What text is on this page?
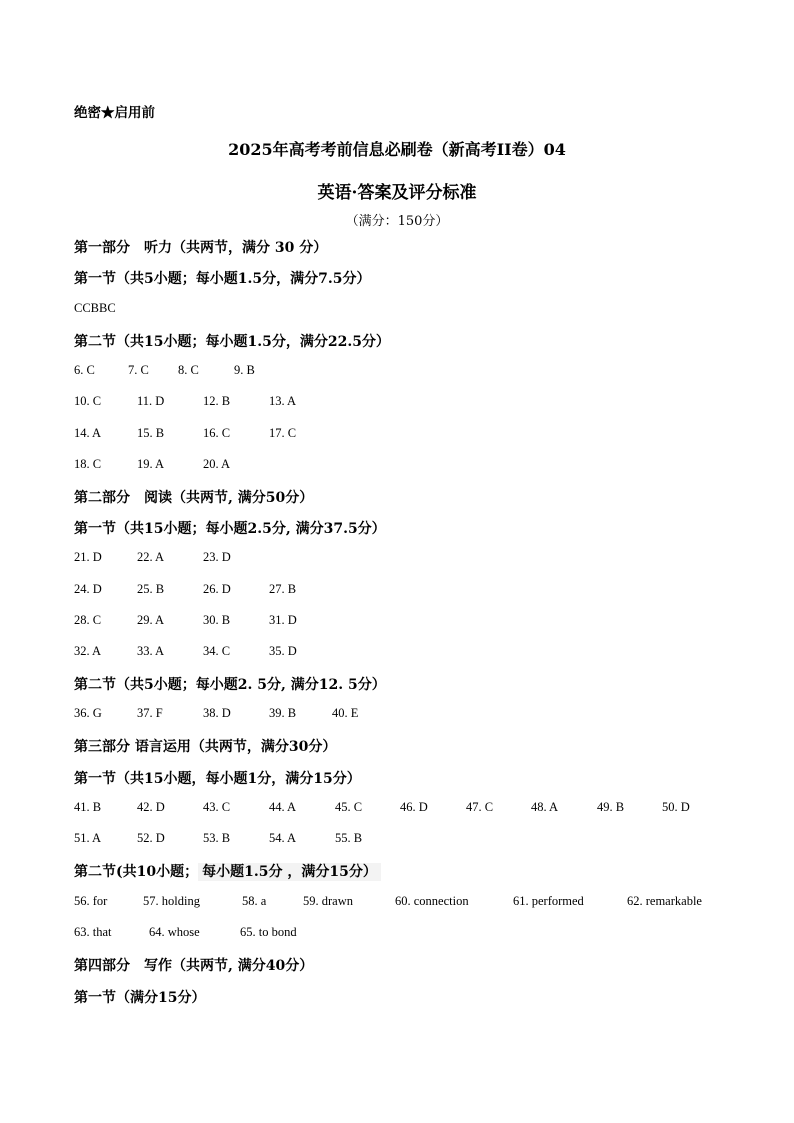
绝密★启用前
2025年高考考前信息必刷卷（新高考II卷）04
英语·答案及评分标准
（满分：150分）
第一部分　听力（共两节，满分 30 分）
第一节（共5小题；每小题1.5分，满分7.5分）
CCBBC
第二节（共15小题；每小题1.5分，满分22.5分）
6. C	7. C 8. C	9. B
10. C	11. D	12. B	13. A
14. A	15. B	16. C	17. C
18. C	19. A	20. A
第二部分　阅读（共两节, 满分50分）
第一节（共15小题；每小题2.5分, 满分37.5分）
21. D	22. A	23. D
24. D	25. B	26. D	27. B
28. C	29. A	30. B	31. D
32. A	33. A	34. C	35. D
第二节（共5小题；每小题2. 5分, 满分12. 5分）
36. G	37. F	38. D	39. B	40. E
第三部分 语言运用（共两节，满分30分）
第一节（共15小题，每小题1分，满分15分）
41. B	42. D	43. C	44. A	45. C	46. D	47. C	48. A	49. B	50. D
51. A	52. D	53. B	54. A	55. B
第二节(共10小题； 每小题1.5分 ，满分15分）
56. for	57. holding	58. a	59. drawn	60. connection	61. performed	62. remarkable
63. that	64. whose	65. to bond
第四部分　写作（共两节, 满分40分）
第一节（满分15分）
